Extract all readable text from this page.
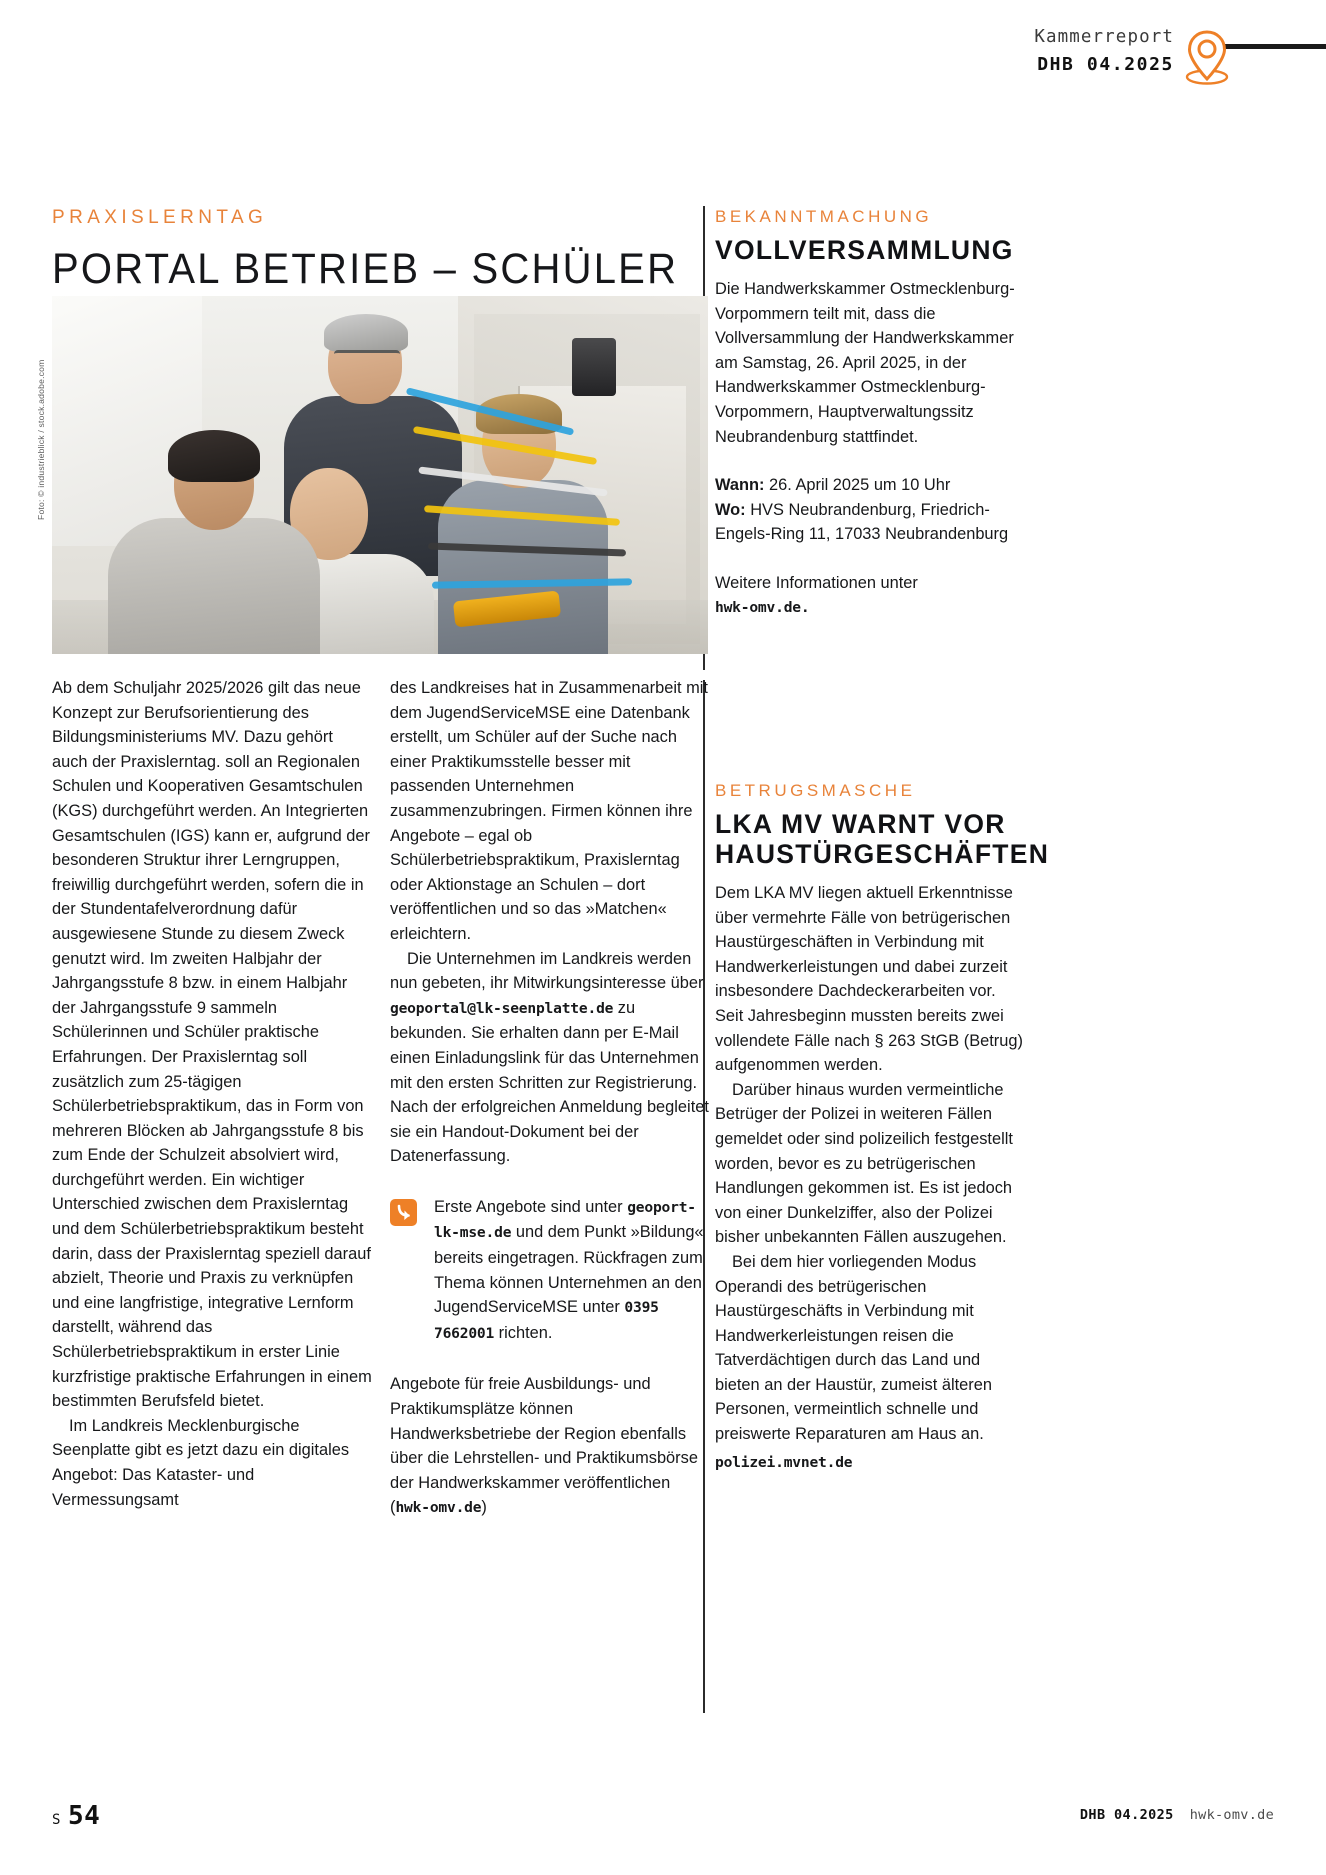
Kammerreport
DHB 04.2025
PRAXISLERNTAG
PORTAL BETRIEB – SCHÜLER
Foto: © industrieblick / stock.adobe.com

Ab dem Schuljahr 2025/2026 gilt das neue Konzept zur Berufsorientierung des Bildungsministeriums MV. Dazu gehört auch der Praxislerntag. soll an Regionalen Schulen und Kooperativen Gesamtschulen (KGS) durchgeführt werden. An Integrierten Gesamtschulen (IGS) kann er, aufgrund der besonderen Struktur ihrer Lerngruppen, freiwillig durchgeführt werden, sofern die in der Stundentafelverordnung dafür ausgewiesene Stunde zu diesem Zweck genutzt wird. Im zweiten Halbjahr der Jahrgangsstufe 8 bzw. in einem Halbjahr der Jahrgangsstufe 9 sammeln Schülerinnen und Schüler praktische Erfahrungen. Der Praxislerntag soll zusätzlich zum 25-tägigen Schülerbetriebspraktikum, das in Form von mehreren Blöcken ab Jahrgangsstufe 8 bis zum Ende der Schulzeit absolviert wird, durchgeführt werden. Ein wichtiger Unterschied zwischen dem Praxislerntag und dem Schülerbetriebspraktikum besteht darin, dass der Praxislerntag speziell darauf abzielt, Theorie und Praxis zu verknüpfen und eine langfristige, integrative Lernform darstellt, während das Schülerbetriebspraktikum in erster Linie kurzfristige praktische Erfahrungen in einem bestimmten Berufsfeld bietet.

Im Landkreis Mecklenburgische Seenplatte gibt es jetzt dazu ein digitales Angebot: Das Kataster- und Vermessungsamt

des Landkreises hat in Zusammenarbeit mit dem JugendServiceMSE eine Datenbank erstellt, um Schüler auf der Suche nach einer Praktikumsstelle besser mit passenden Unternehmen zusammenzubringen. Firmen können ihre Angebote – egal ob Schülerbetriebspraktikum, Praxislerntag oder Aktionstage an Schulen – dort veröffentlichen und so das »Matchen« erleichtern.

Die Unternehmen im Landkreis werden nun gebeten, ihr Mitwirkungsinteresse über geoportal@lk-seenplatte.de zu bekunden. Sie erhalten dann per E-Mail einen Einladungslink für das Unternehmen mit den ersten Schritten zur Registrierung. Nach der erfolgreichen Anmeldung begleitet sie ein Handout-Dokument bei der Datenerfassung.

Erste Angebote sind unter geoport-lk-mse.de und dem Punkt »Bildung« bereits eingetragen. Rückfragen zum Thema können Unternehmen an den JugendServiceMSE unter 0395 7662001 richten.

Angebote für freie Ausbildungs- und Praktikumsplätze können Handwerksbetriebe der Region ebenfalls über die Lehrstellen- und Praktikumsbörse der Handwerkskammer veröffentlichen (hwk-omv.de)

BEKANNTMACHUNG
VOLLVERSAMMLUNG

Die Handwerkskammer Ostmecklenburg-Vorpommern teilt mit, dass die Vollversammlung der Handwerkskammer am Samstag, 26. April 2025, in der Handwerkskammer Ostmecklenburg-Vorpommern, Hauptverwaltungssitz Neubrandenburg stattfindet.

Wann: 26. April 2025 um 10 Uhr

Wo: HVS Neubrandenburg, Friedrich-Engels-Ring 11, 17033 Neubrandenburg

Weitere Informationen unter

hwk-omv.de.

BETRUGSMASCHE
LKA MV WARNT VOR HAUSTÜRGESCHÄFTEN

Dem LKA MV liegen aktuell Erkenntnisse über vermehrte Fälle von betrügerischen Haustürgeschäften in Verbindung mit Handwerkerleistungen und dabei zurzeit insbesondere Dachdeckerarbeiten vor. Seit Jahresbeginn mussten bereits zwei vollendete Fälle nach § 263 StGB (Betrug) aufgenommen werden.

Darüber hinaus wurden vermeintliche Betrüger der Polizei in weiteren Fällen gemeldet oder sind polizeilich festgestellt worden, bevor es zu betrügerischen Handlungen gekommen ist. Es ist jedoch von einer Dunkelziffer, also der Polizei bisher unbekannten Fällen auszugehen.

Bei dem hier vorliegenden Modus Operandi des betrügerischen Haustürgeschäfts in Verbindung mit Handwerkerleistungen reisen die Tatverdächtigen durch das Land und bieten an der Haustür, zumeist älteren Personen, vermeintlich schnelle und preiswerte Reparaturen am Haus an.

polizei.mvnet.de

S 54	DHB 04.2025 hwk-omv.de
